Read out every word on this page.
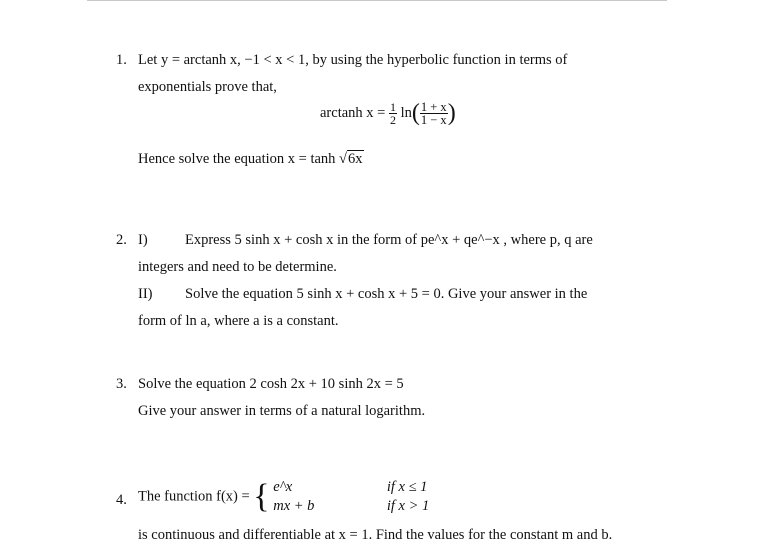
1. Let y = arctanh x, −1 < x < 1, by using the hyperbolic function in terms of
exponentials prove that,
arctanh $x = \frac{1}{2} \ln( \frac{1 + x}{1 - x}$ )
Hence solve the equation x = tanh √6x
2. I)	Express 5 sinh x + cosh x in the form of pe^x + qe^−x , where p, q are
integers and need to be determine.
II) Solve the equation 5 sinh x + cosh x + 5 = 0. Give your answer in the
form of ln a, where a is a constant.
3. Solve the equation 2 cosh 2x + 10 sinh 2x = 5
Give your answer in terms of a natural logarithm.
4. The function f(x) = { e^x
mx + b

if x ≤ 1
if x > 1
is continuous and differentiable at x = 1. Find the values for the constant m and b.
